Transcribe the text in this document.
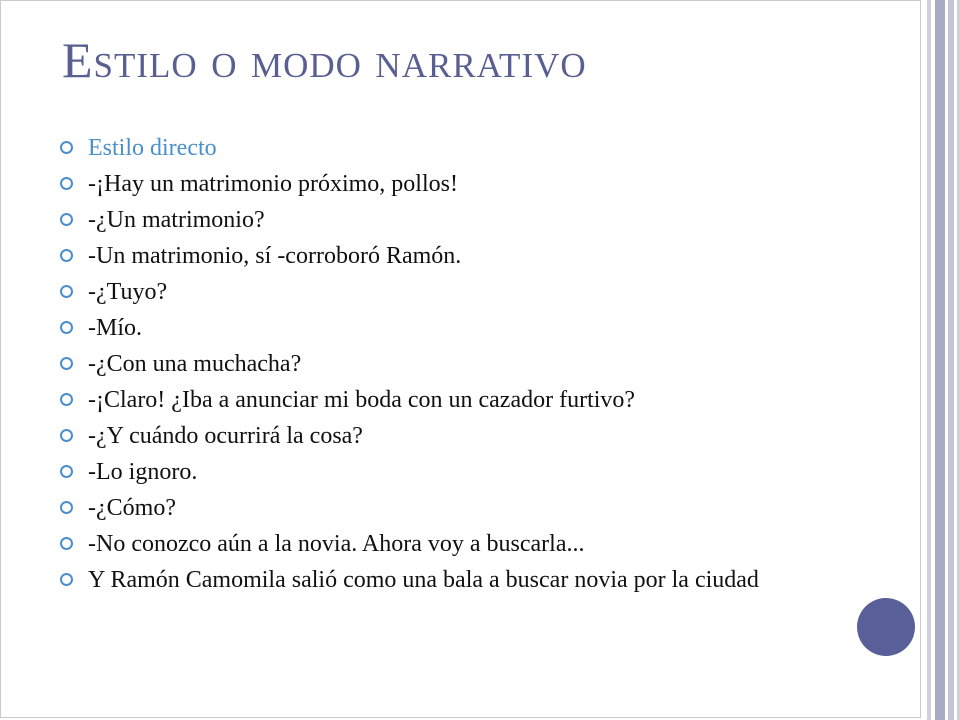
Estilo o modo narrativo
Estilo directo
-¡Hay un matrimonio próximo, pollos!
-¿Un matrimonio?
-Un matrimonio, sí -corroboró Ramón.
-¿Tuyo?
-Mío.
-¿Con una muchacha?
-¡Claro! ¿Iba a anunciar mi boda con un cazador furtivo?
-¿Y cuándo ocurrirá la cosa?
-Lo ignoro.
-¿Cómo?
-No conozco aún a la novia. Ahora voy a buscarla...
Y Ramón Camomila salió como una bala a buscar novia por la ciudad
